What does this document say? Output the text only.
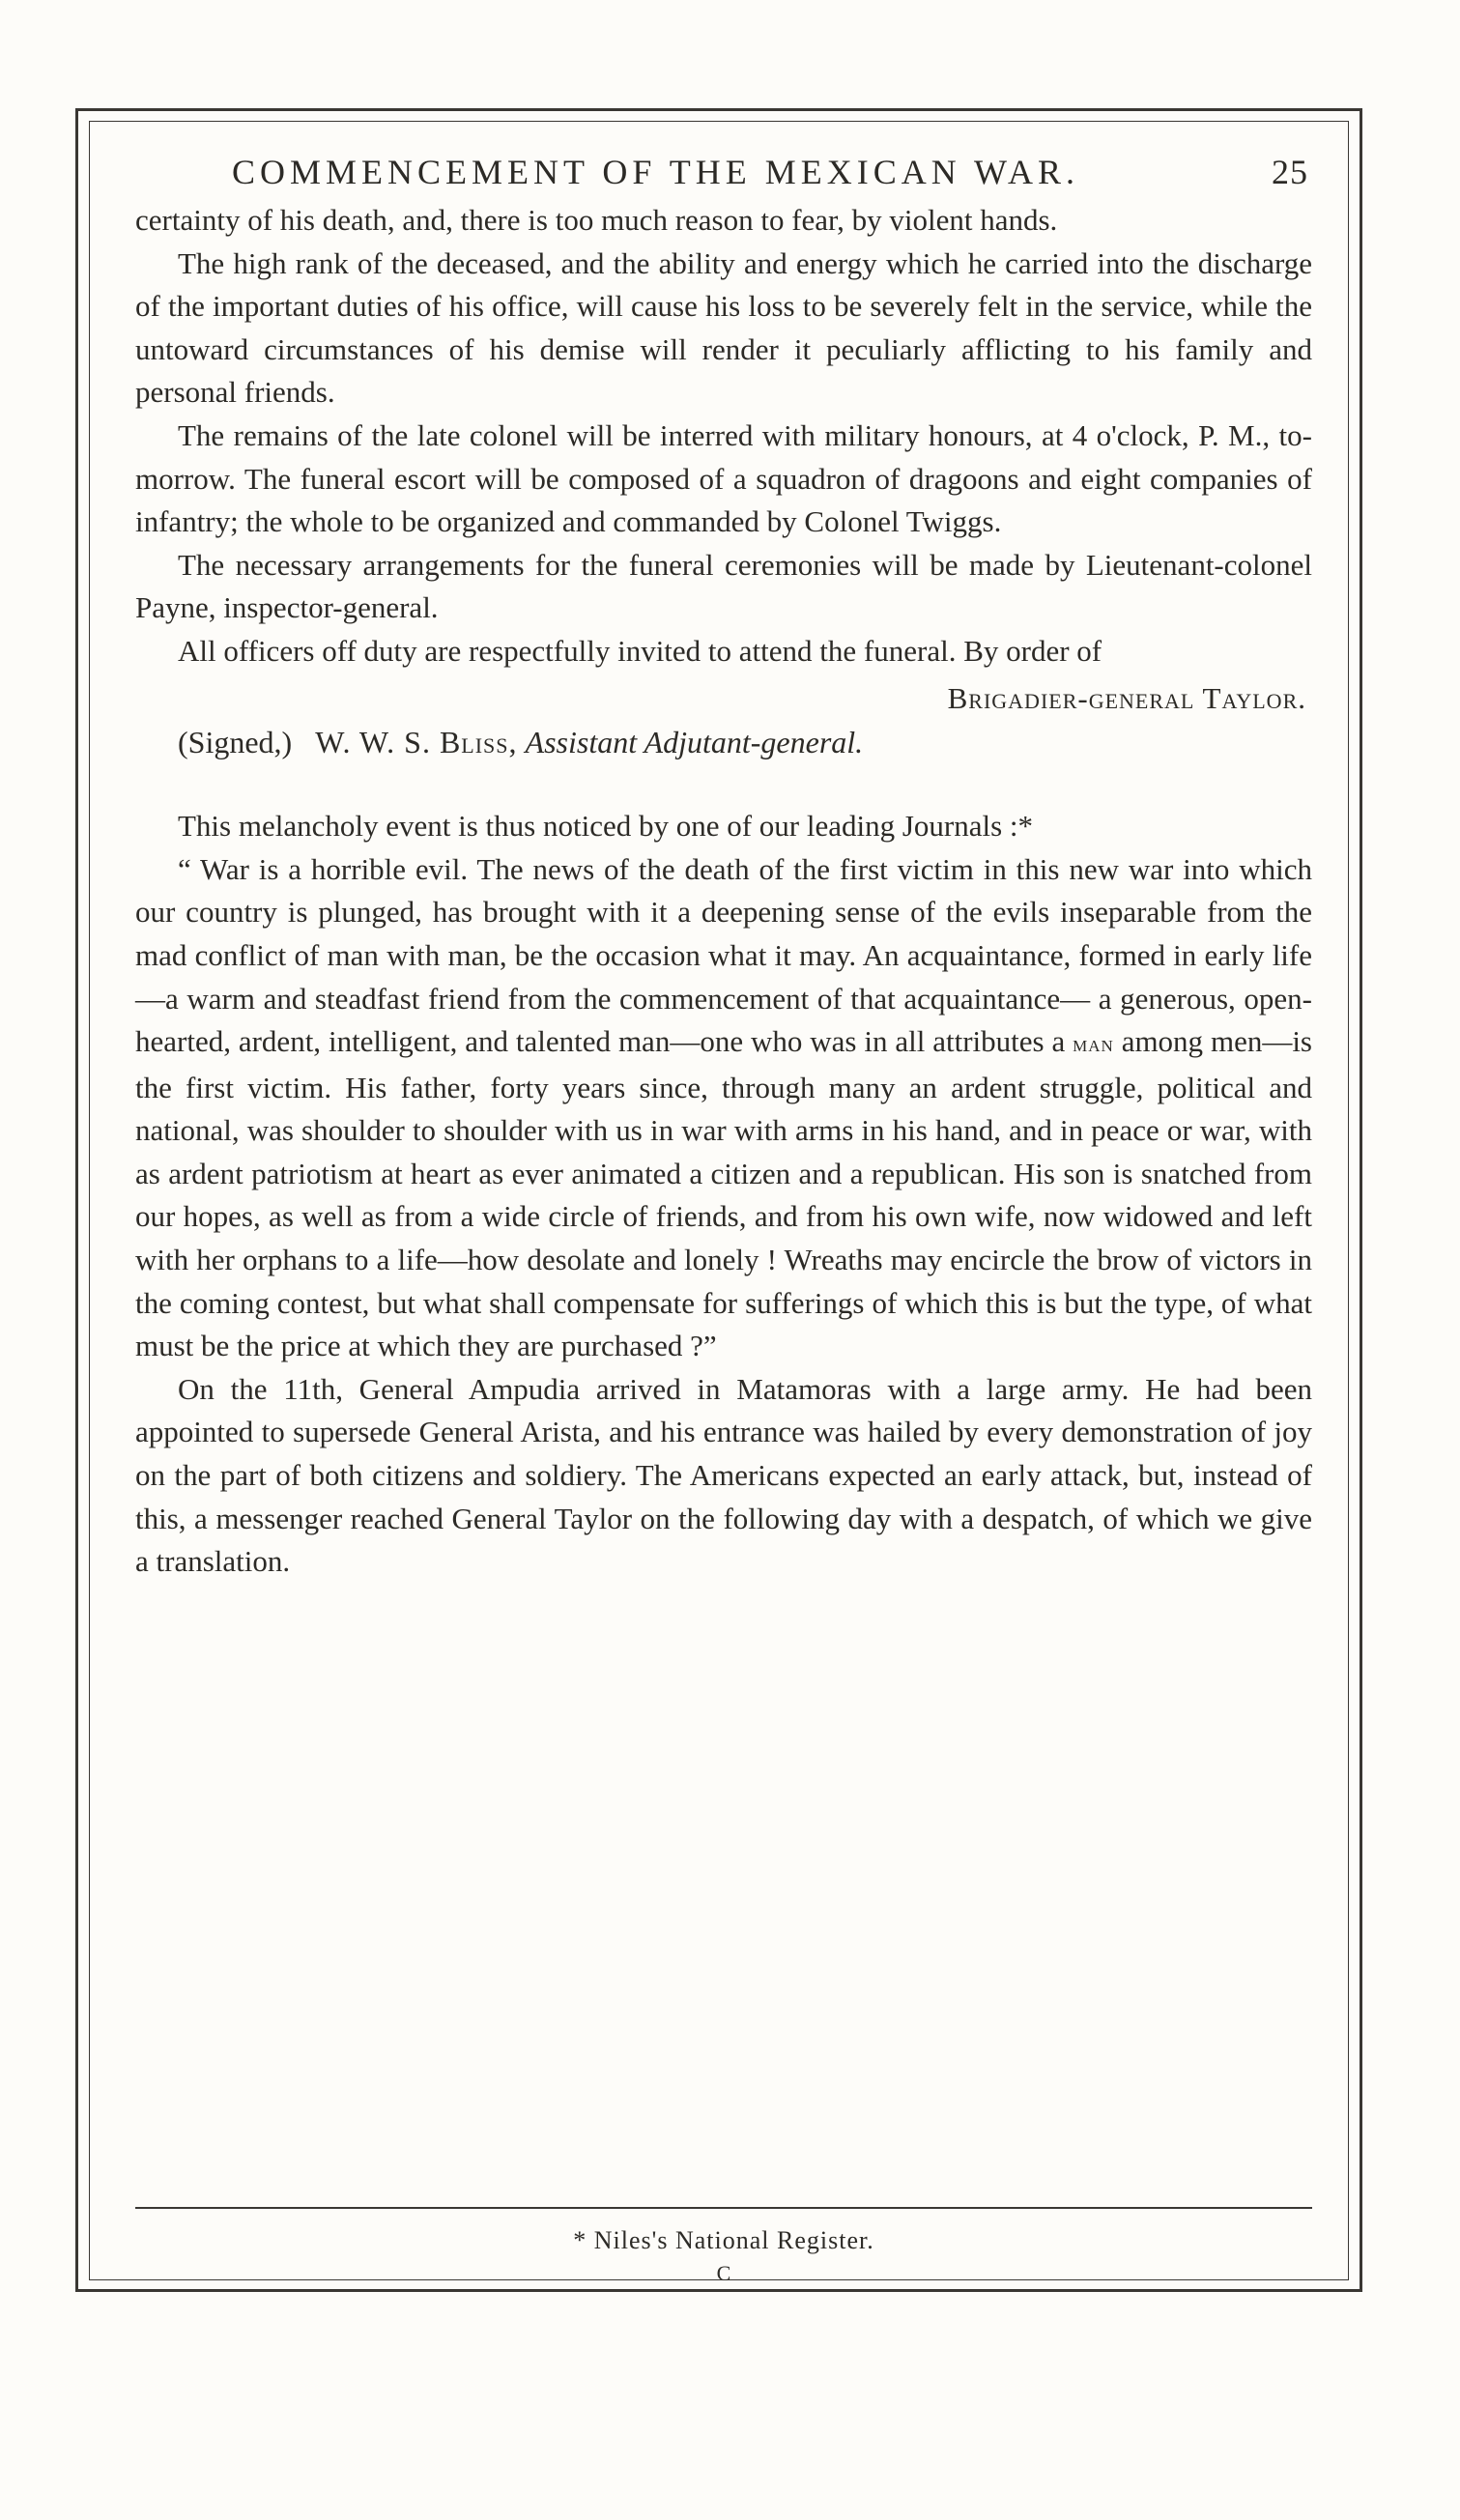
COMMENCEMENT OF THE MEXICAN WAR.	25

certainty of his death, and, there is too much reason to fear, by violent hands.

The high rank of the deceased, and the ability and energy which he carried into the discharge of the important duties of his office, will cause his loss to be severely felt in the service, while the untoward circumstances of his demise will render it peculiarly afflicting to his family and personal friends.

The remains of the late colonel will be interred with military honours, at 4 o'clock, P. M., to-morrow. The funeral escort will be composed of a squadron of dragoons and eight companies of infantry; the whole to be organized and commanded by Colonel Twiggs.

The necessary arrangements for the funeral ceremonies will be made by Lieutenant-colonel Payne, inspector-general.

All officers off duty are respectfully invited to attend the funeral. By order of

Brigadier-general Taylor.
(Signed,) W. W. S. Bliss, Assistant Adjutant-general.

This melancholy event is thus noticed by one of our leading Journals :*

“ War is a horrible evil. The news of the death of the first victim in this new war into which our country is plunged, has brought with it a deepening sense of the evils inseparable from the mad conflict of man with man, be the occasion what it may. An acquaintance, formed in early life—a warm and steadfast friend from the commencement of that acquaintance— a generous, open-hearted, ardent, intelligent, and talented man—one who was in all attributes a man among men—is the first victim. His father, forty years since, through many an ardent struggle, political and national, was shoulder to shoulder with us in war with arms in his hand, and in peace or war, with as ardent patriotism at heart as ever animated a citizen and a republican. His son is snatched from our hopes, as well as from a wide circle of friends, and from his own wife, now widowed and left with her orphans to a life—how desolate and lonely ! Wreaths may encircle the brow of victors in the coming contest, but what shall compensate for sufferings of which this is but the type, of what must be the price at which they are purchased ?”

On the 11th, General Ampudia arrived in Matamoras with a large army. He had been appointed to supersede General Arista, and his entrance was hailed by every demonstration of joy on the part of both citizens and soldiery. The Americans expected an early attack, but, instead of this, a messenger reached General Taylor on the following day with a despatch, of which we give a translation.

* Niles's National Register.
C
